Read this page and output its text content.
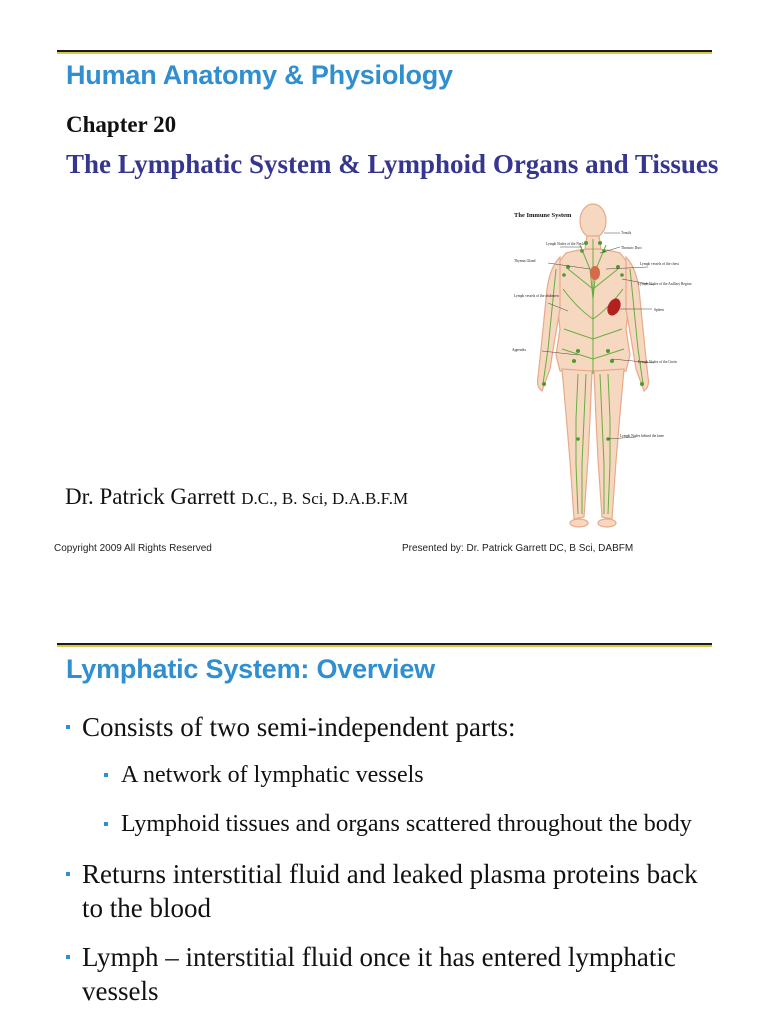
Human Anatomy & Physiology
Chapter 20
The Lymphatic System & Lymphoid Organs and Tissues
The Immune System
Tonsils
Lymph Nodes of the Neck
Thoracic Duct
Thymus Gland
Lymph vessels of the chest
Lymph Nodes of the Axillary Region
Lymph vessels of the abdomen
Spleen
Appendix
Lymph Nodes of the Groin
Lymph Nodes behind the knee
Dr. Patrick Garrett D.C., B. Sci, D.A.B.F.M
Copyright 2009 All Rights Reserved	Presented by: Dr. Patrick Garrett DC, B Sci, DABFM
Lymphatic System: Overview
Consists of two semi-independent parts:
A network of lymphatic vessels
Lymphoid tissues and organs scattered throughout the body
Returns interstitial fluid and leaked plasma proteins back to the blood
Lymph – interstitial fluid once it has entered lymphatic vessels
